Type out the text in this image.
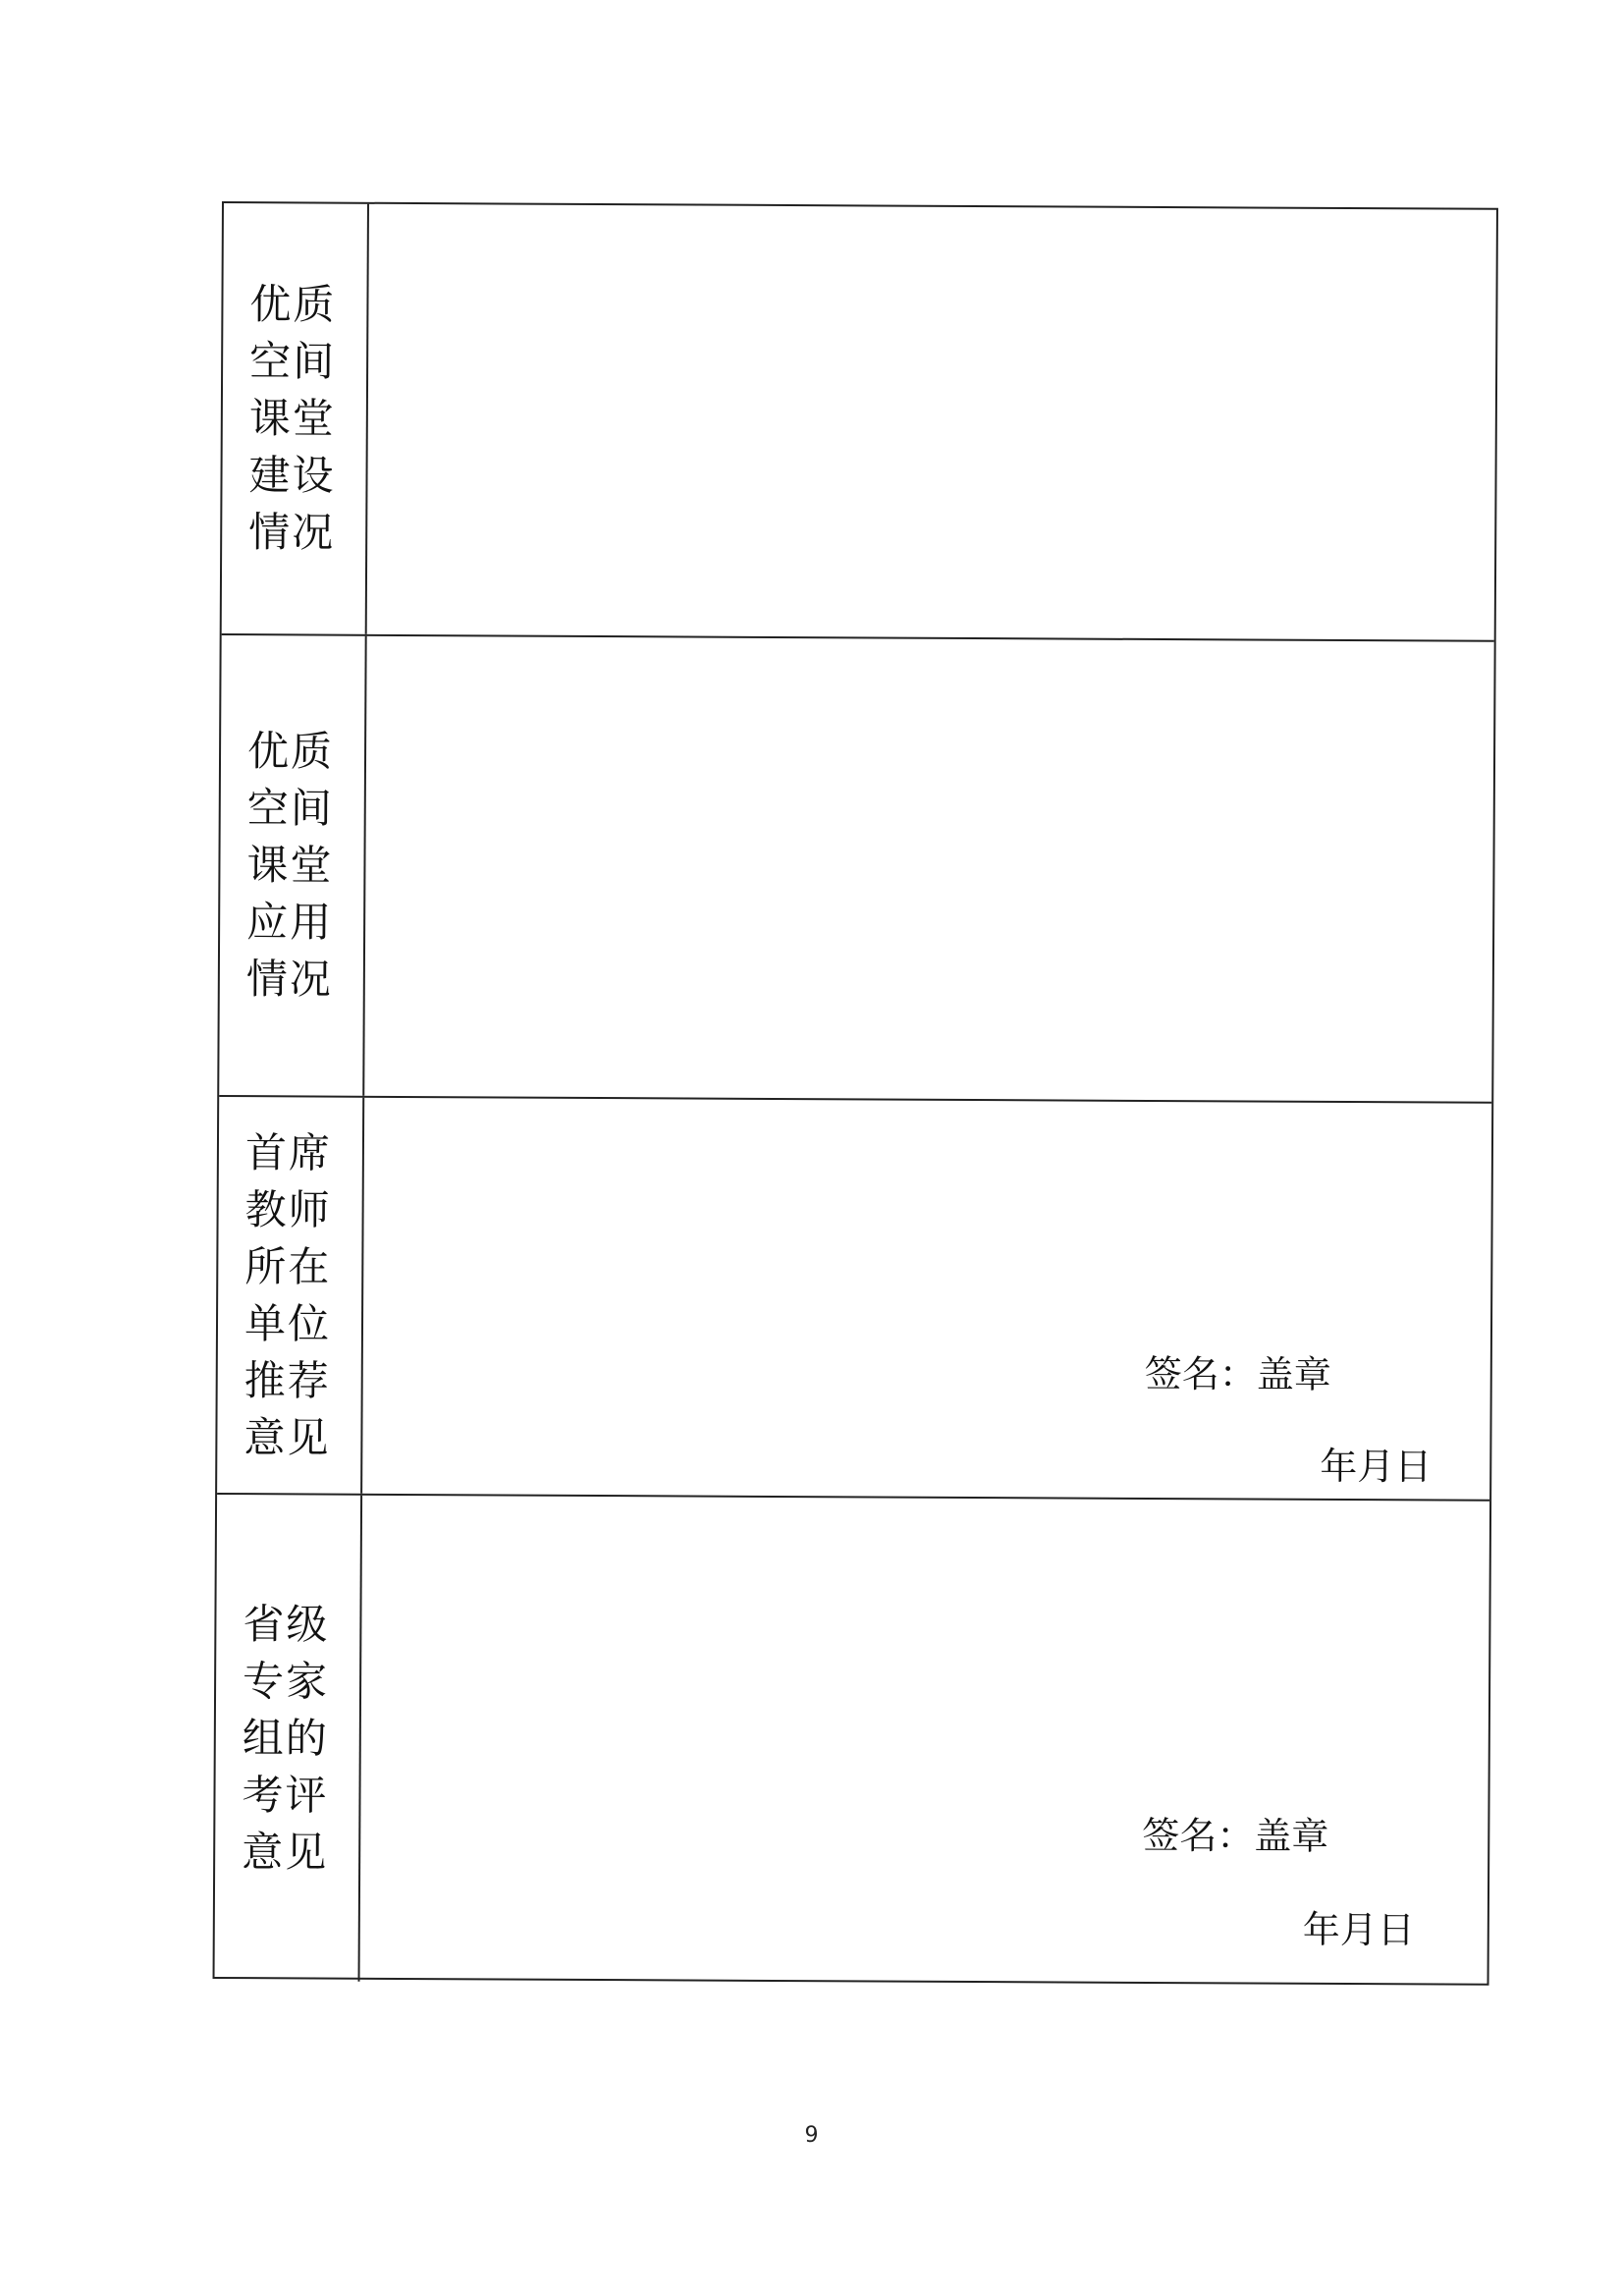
优质空间课堂建设情况
优质空间课堂应用情况
首席教师所在单位推荐意见
签名：盖章
年月日
省级专家组的考评意见	签名：盖章
年月日
9
